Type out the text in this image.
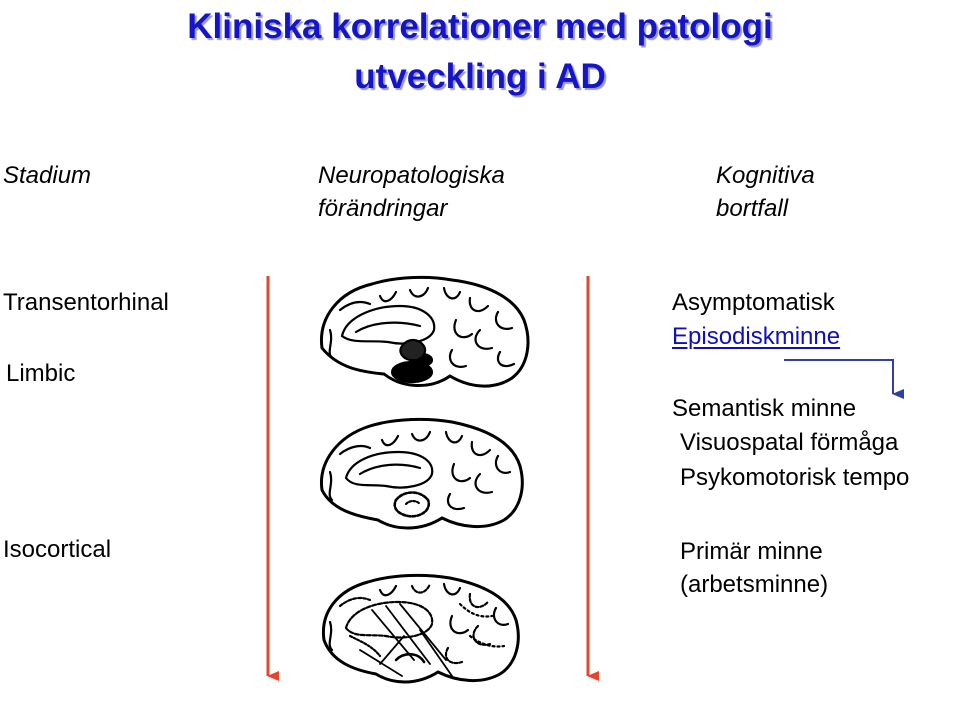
Kliniska korrelationer med patologi
utveckling i AD
Stadium	Neuropatologiska
förändringar
Kognitiva
bortfall
Transentorhinal
Limbic
Isocortical
Asymptomatisk
Episodiskminne
Semantisk minne
Visuospatal förmåga
Psykomotorisk tempo
Primär minne
(arbetsminne)
